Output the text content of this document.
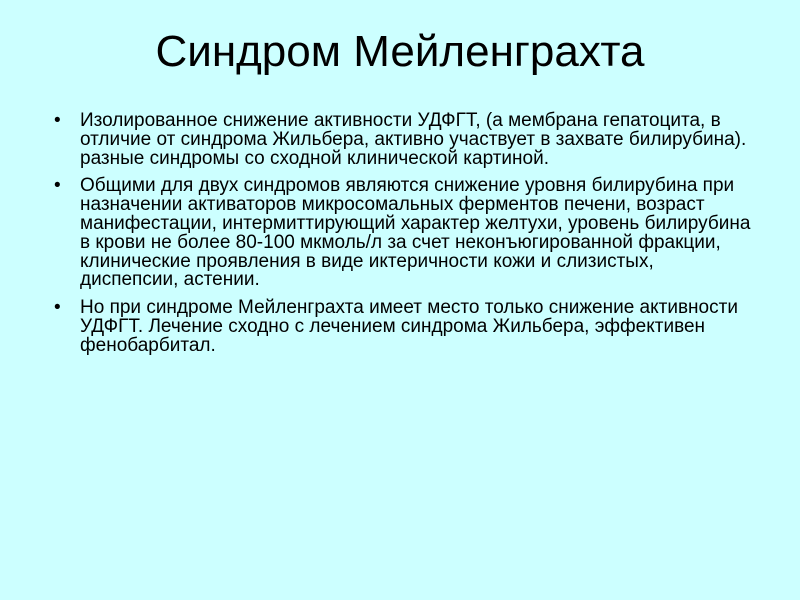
Синдром Мейленграхта
• Изолированное снижение активности УДФГТ, (а мембрана гепатоцита, в отличие от синдрома Жильбера, активно участвует в захвате билирубина). разные синдромы со сходной клинической картиной.
• Общими для двух синдромов являются снижение уровня билирубина при назначении активаторов микросомальных ферментов печени, возраст манифестации, интермиттирующий характер желтухи, уровень билирубина в крови не более 80-100 мкмоль/л за счет неконъюгированной фракции, клинические проявления в виде иктеричности кожи и слизистых, диспепсии, астении.
• Но при синдроме Мейленграхта имеет место только снижение активности УДФГТ. Лечение сходно с лечением синдрома Жильбера, эффективен фенобарбитал.
